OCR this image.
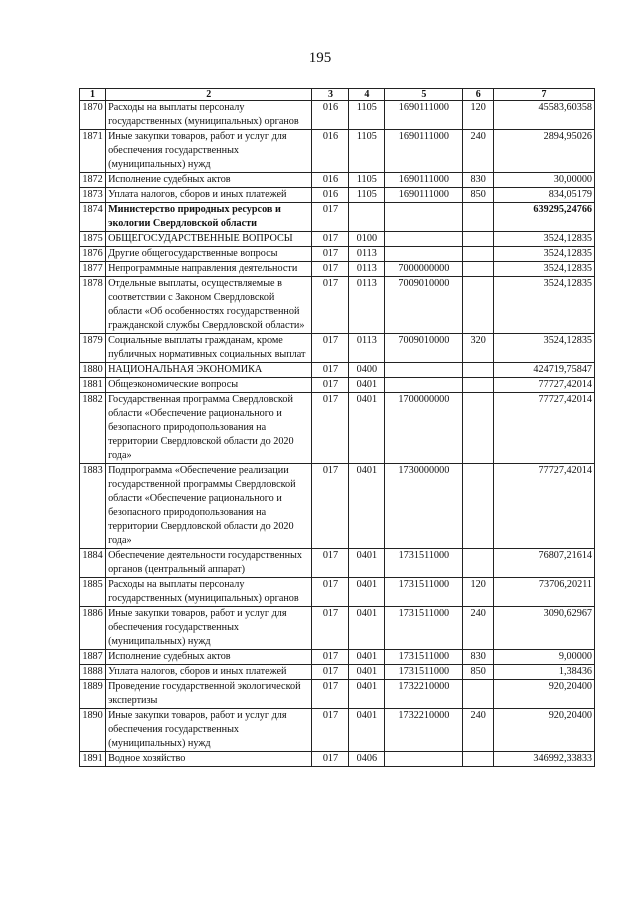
195
1	2	3	4	5	6	7
1870	Расходы на выплаты персоналу государственных (муниципальных) органов	016	1105	1690111000	120	45583,60358
1871	Иные закупки товаров, работ и услуг для обеспечения государственных (муниципальных) нужд	016	1105	1690111000	240	2894,95026
1872	Исполнение судебных актов	016	1105	1690111000	830	30,00000
1873	Уплата налогов, сборов и иных платежей	016	1105	1690111000	850	834,05179
1874	Министерство природных ресурсов и экологии Свердловской области	017				639295,24766
1875	ОБЩЕГОСУДАРСТВЕННЫЕ ВОПРОСЫ	017	0100			3524,12835
1876	Другие общегосударственные вопросы	017	0113			3524,12835
1877	Непрограммные направления деятельности	017	0113	7000000000		3524,12835
1878	Отдельные выплаты, осуществляемые в соответствии с Законом Свердловской области «Об особенностях государственной гражданской службы Свердловской области»	017	0113	7009010000		3524,12835
1879	Социальные выплаты гражданам, кроме публичных нормативных социальных выплат	017	0113	7009010000	320	3524,12835
1880	НАЦИОНАЛЬНАЯ ЭКОНОМИКА	017	0400			424719,75847
1881	Общеэкономические вопросы	017	0401			77727,42014
1882	Государственная программа Свердловской области «Обеспечение рационального и безопасного природопользования на территории Свердловской области до 2020 года»	017	0401	1700000000		77727,42014
1883	Подпрограмма «Обеспечение реализации государственной программы Свердловской области «Обеспечение рационального и безопасного природопользования на территории Свердловской области до 2020 года»	017	0401	1730000000		77727,42014
1884	Обеспечение деятельности государственных органов (центральный аппарат)	017	0401	1731511000		76807,21614
1885	Расходы на выплаты персоналу государственных (муниципальных) органов	017	0401	1731511000	120	73706,20211
1886	Иные закупки товаров, работ и услуг для обеспечения государственных (муниципальных) нужд	017	0401	1731511000	240	3090,62967
1887	Исполнение судебных актов	017	0401	1731511000	830	9,00000
1888	Уплата налогов, сборов и иных платежей	017	0401	1731511000	850	1,38436
1889	Проведение государственной экологической экспертизы	017	0401	1732210000		920,20400
1890	Иные закупки товаров, работ и услуг для обеспечения государственных (муниципальных) нужд	017	0401	1732210000	240	920,20400
1891	Водное хозяйство	017	0406			346992,33833
